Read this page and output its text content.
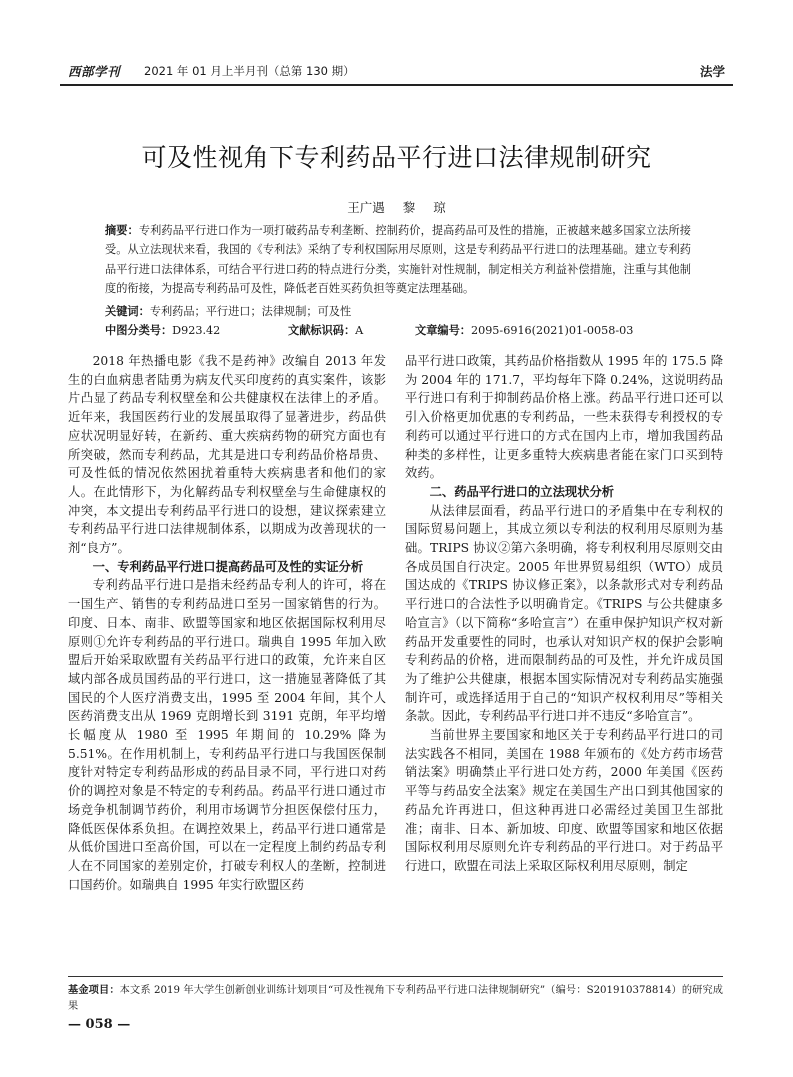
西部学刊 2021 年 01 月上半月刊（总第 130 期）	法学
可及性视角下专利药品平行进口法律规制研究
王广遇 黎 琼
摘要：专利药品平行进口作为一项打破药品专利垄断、控制药价，提高药品可及性的措施，正被越来越多国家立法所接受。从立法现状来看，我国的《专利法》采纳了专利权国际用尽原则，这是专利药品平行进口的法理基础。建立专利药品平行进口法律体系，可结合平行进口药的特点进行分类，实施针对性规制，制定相关方利益补偿措施，注重与其他制度的衔接，为提高专利药品可及性，降低老百姓买药负担等奠定法理基础。
关键词：专利药品；平行进口；法律规制；可及性
中图分类号：D923.42	文献标识码：A	文章编号：2095-6916(2021)01-0058-03

2018 年热播电影《我不是药神》改编自 2013 年发生的白血病患者陆勇为病友代买印度药的真实案件，该影片凸显了药品专利权壁垒和公共健康权在法律上的矛盾。近年来，我国医药行业的发展虽取得了显著进步，药品供应状况明显好转，在新药、重大疾病药物的研究方面也有所突破，然而专利药品，尤其是进口专利药品价格昂贵、可及性低的情况依然困扰着重特大疾病患者和他们的家人。在此情形下，为化解药品专利权壁垒与生命健康权的冲突，本文提出专利药品平行进口的设想，建议探索建立专利药品平行进口法律规制体系，以期成为改善现状的一剂“良方”。

一、专利药品平行进口提高药品可及性的实证分析

专利药品平行进口是指未经药品专利人的许可，将在一国生产、销售的专利药品进口至另一国家销售的行为。印度、日本、南非、欧盟等国家和地区依据国际权利用尽原则①允许专利药品的平行进口。瑞典自 1995 年加入欧盟后开始采取欧盟有关药品平行进口的政策，允许来自区域内部各成员国药品的平行进口，这一措施显著降低了其国民的个人医疗消费支出，1995 至 2004 年间，其个人医药消费支出从 1969 克朗增长到 3191 克朗，年平均增长幅度从 1980 至 1995 年期间的 10.29% 降为 5.51%。在作用机制上，专利药品平行进口与我国医保制度针对特定专利药品形成的药品目录不同，平行进口对药价的调控对象是不特定的专利药品。药品平行进口通过市场竞争机制调节药价，利用市场调节分担医保偿付压力，降低医保体系负担。在调控效果上，药品平行进口通常是从低价国进口至高价国，可以在一定程度上制约药品专利人在不同国家的差别定价，打破专利权人的垄断，控制进口国药价。如瑞典自 1995 年实行欧盟区药

品平行进口政策，其药品价格指数从 1995 年的 175.5 降为 2004 年的 171.7，平均每年下降 0.24%，这说明药品平行进口有利于抑制药品价格上涨。药品平行进口还可以引入价格更加优惠的专利药品，一些未获得专利授权的专利药可以通过平行进口的方式在国内上市，增加我国药品种类的多样性，让更多重特大疾病患者能在家门口买到特效药。

二、药品平行进口的立法现状分析

从法律层面看，药品平行进口的矛盾集中在专利权的国际贸易问题上，其成立须以专利法的权利用尽原则为基础。TRIPS 协议②第六条明确，将专利权利用尽原则交由各成员国自行决定。2005 年世界贸易组织（WTO）成员国达成的《TRIPS 协议修正案》，以条款形式对专利药品平行进口的合法性予以明确肯定。《TRIPS 与公共健康多哈宣言》（以下简称“多哈宣言”）在重申保护知识产权对新药品开发重要性的同时，也承认对知识产权的保护会影响专利药品的价格，进而限制药品的可及性，并允许成员国为了维护公共健康，根据本国实际情况对专利药品实施强制许可，或选择适用于自己的“知识产权权利用尽”等相关条款。因此，专利药品平行进口并不违反“多哈宣言”。

当前世界主要国家和地区关于专利药品平行进口的司法实践各不相同，美国在 1988 年颁布的《处方药市场营销法案》明确禁止平行进口处方药，2000 年美国《医药平等与药品安全法案》规定在美国生产出口到其他国家的药品允许再进口，但这种再进口必需经过美国卫生部批准；南非、日本、新加坡、印度、欧盟等国家和地区依据国际权利用尽原则允许专利药品的平行进口。对于药品平行进口，欧盟在司法上采取区际权利用尽原则，制定

基金项目：本文系 2019 年大学生创新创业训练计划项目“可及性视角下专利药品平行进口法律规制研究”（编号：S201910378814）的研究成果
— 058 —
